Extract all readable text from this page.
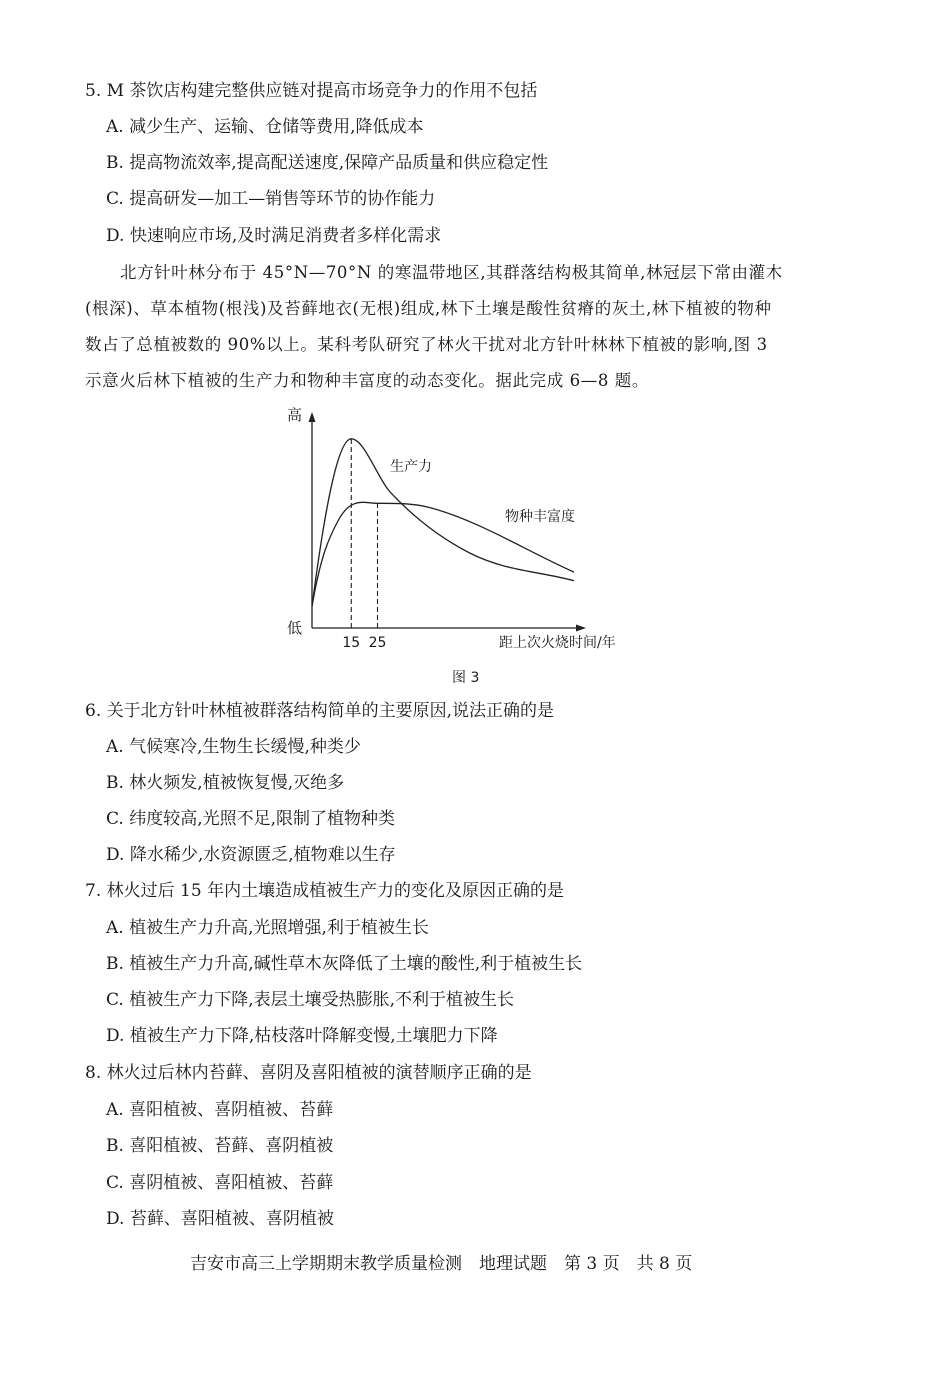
5. M 茶饮店构建完整供应链对提高市场竞争力的作用不包括
A. 减少生产、运输、仓储等费用,降低成本
B. 提高物流效率,提高配送速度,保障产品质量和供应稳定性
C. 提高研发—加工—销售等环节的协作能力
D. 快速响应市场,及时满足消费者多样化需求
北方针叶林分布于 45°N—70°N 的寒温带地区,其群落结构极其简单,林冠层下常由灌木
(根深)、草本植物(根浅)及苔藓地衣(无根)组成,林下土壤是酸性贫瘠的灰土,林下植被的物种
数占了总植被数的 90%以上。某科考队研究了林火干扰对北方针叶林林下植被的影响,图 3
示意火后林下植被的生产力和物种丰富度的动态变化。据此完成 6—8 题。
高
低
15 25	距上次火烧时间/年
生产力
物种丰富度
图 3
6. 关于北方针叶林植被群落结构简单的主要原因,说法正确的是
A. 气候寒冷,生物生长缓慢,种类少
B. 林火频发,植被恢复慢,灭绝多
C. 纬度较高,光照不足,限制了植物种类
D. 降水稀少,水资源匮乏,植物难以生存
7. 林火过后 15 年内土壤造成植被生产力的变化及原因正确的是
A. 植被生产力升高,光照增强,利于植被生长
B. 植被生产力升高,碱性草木灰降低了土壤的酸性,利于植被生长
C. 植被生产力下降,表层土壤受热膨胀,不利于植被生长
D. 植被生产力下降,枯枝落叶降解变慢,土壤肥力下降
8. 林火过后林内苔藓、喜阴及喜阳植被的演替顺序正确的是
A. 喜阳植被、喜阴植被、苔藓
B. 喜阳植被、苔藓、喜阴植被
C. 喜阴植被、喜阳植被、苔藓
D. 苔藓、喜阳植被、喜阴植被
吉安市高三上学期期末教学质量检测　地理试题　第 3 页　共 8 页
